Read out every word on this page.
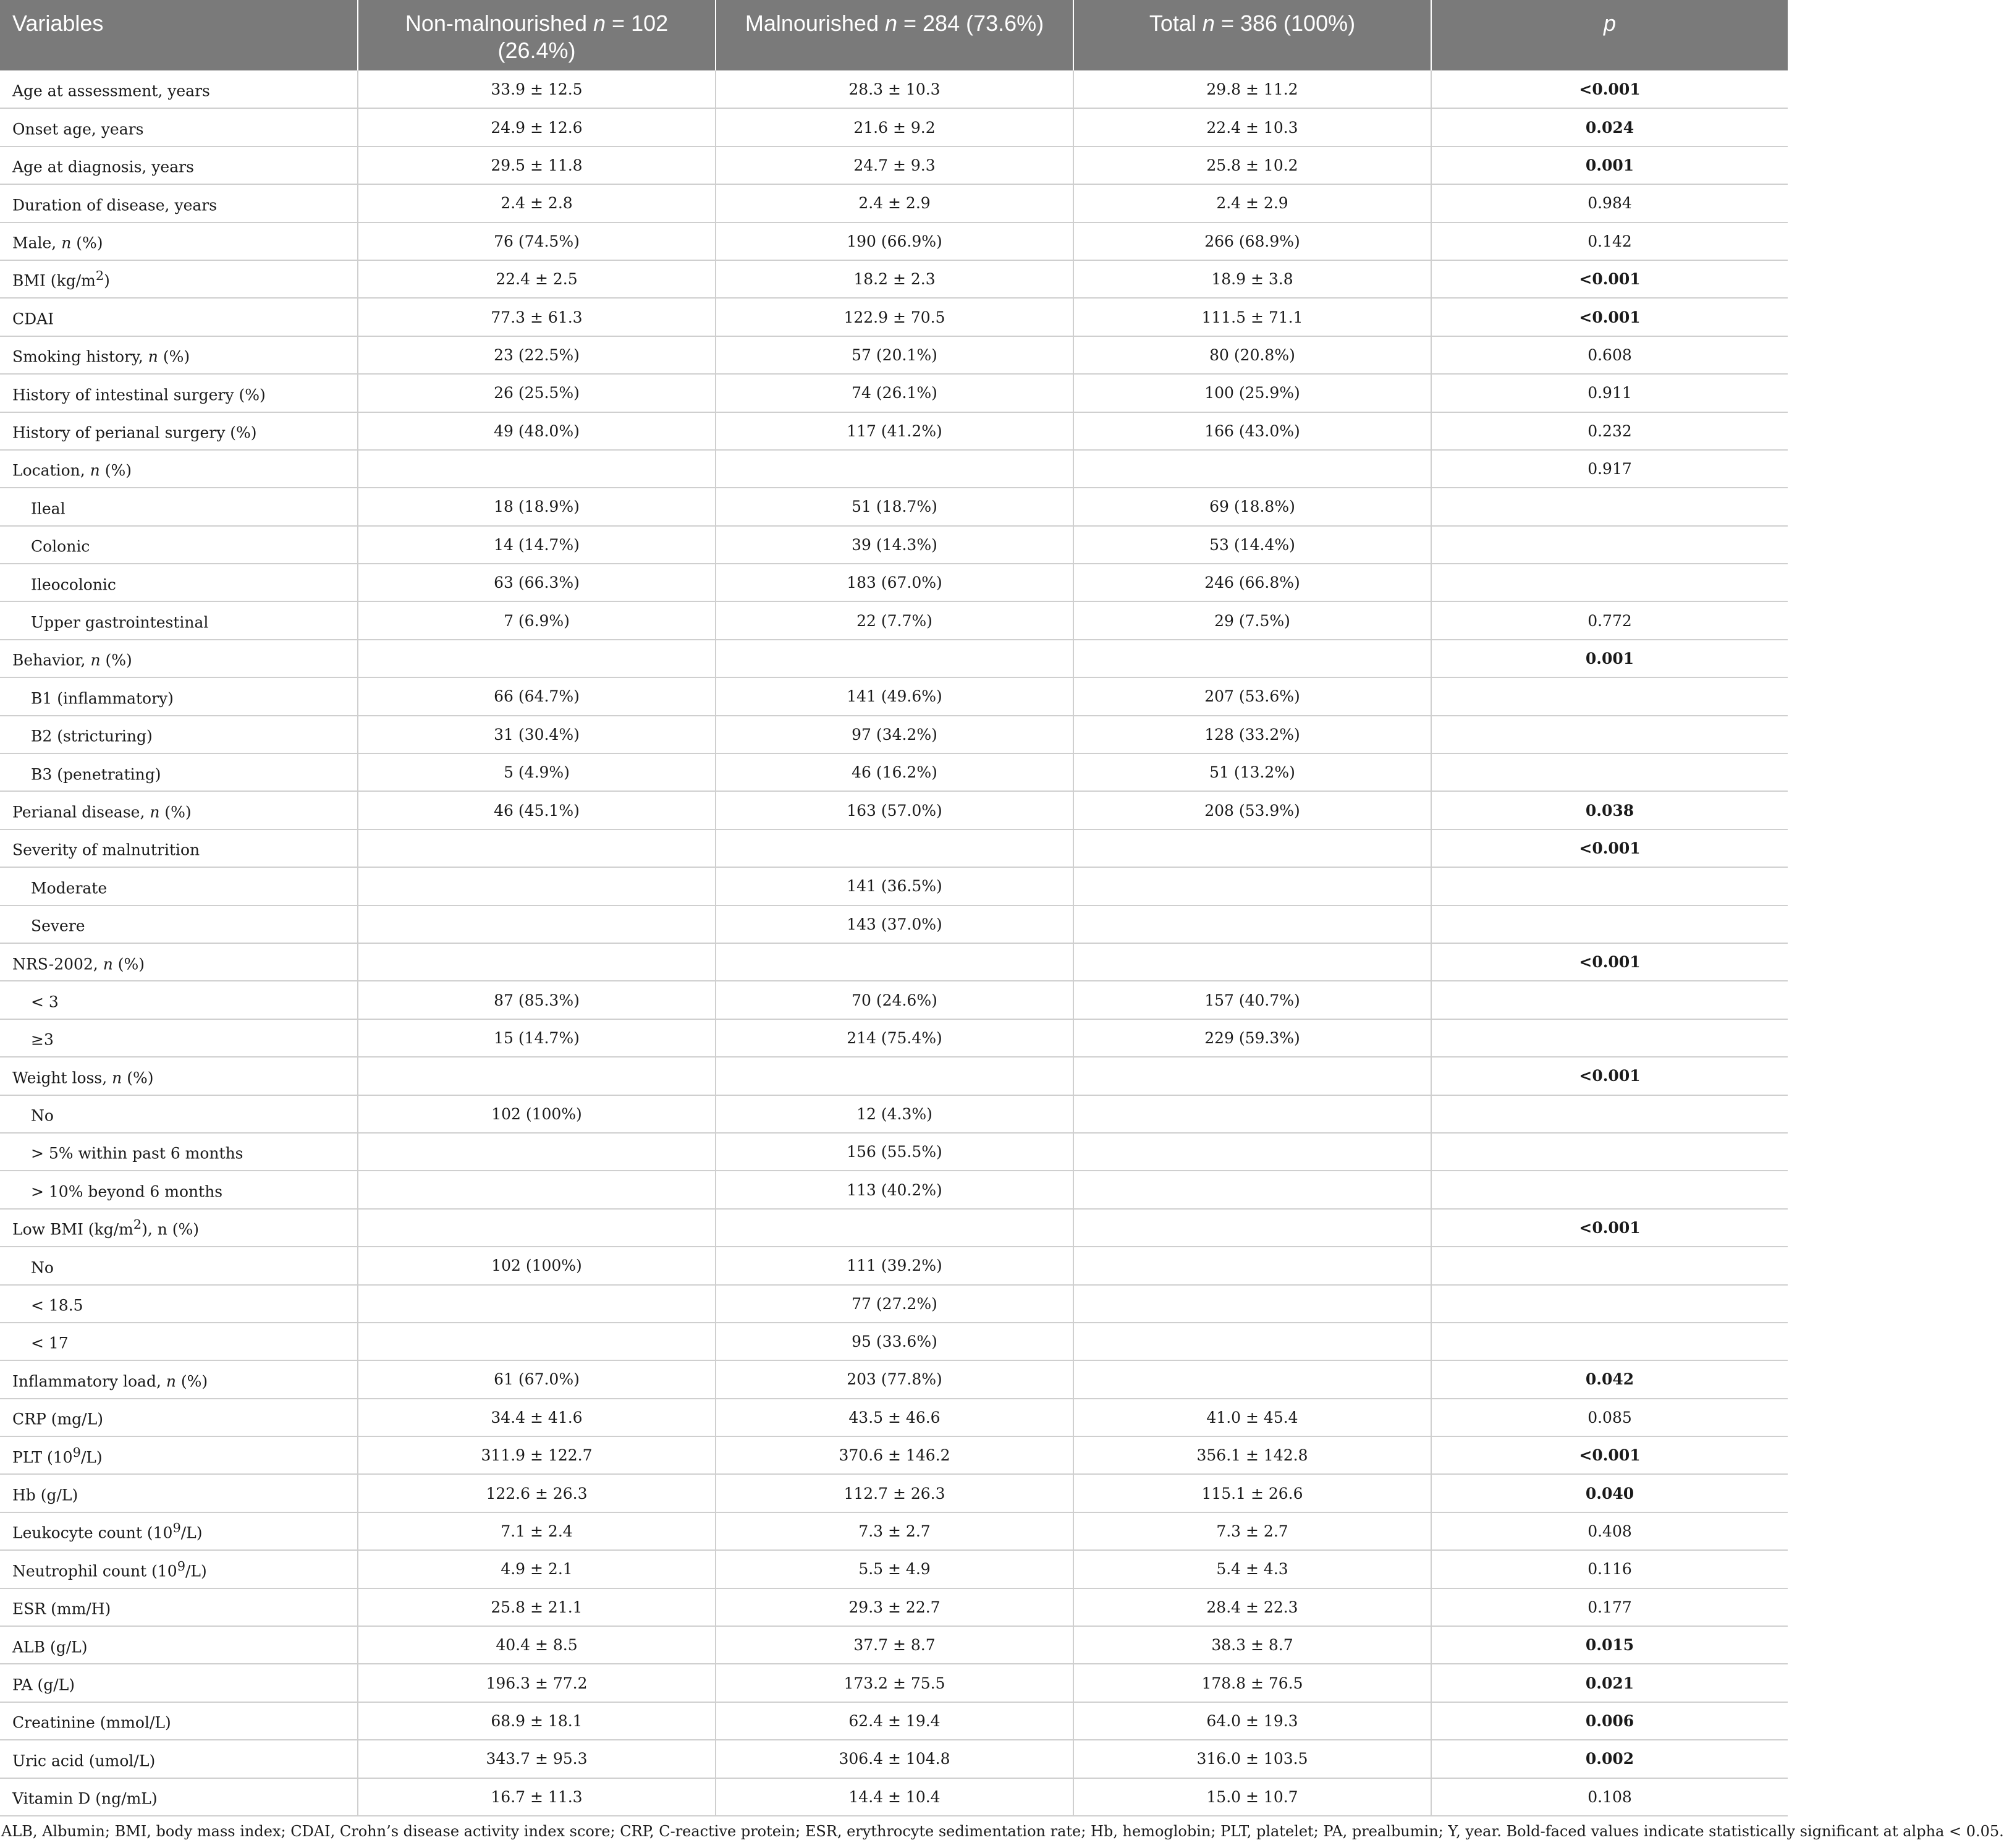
Variables	Non-malnourished n = 102 (26.4%)	Malnourished n = 284 (73.6%)	Total n = 386 (100%)	p
Age at assessment, years	33.9 ± 12.5	28.3 ± 10.3	29.8 ± 11.2	<0.001
Onset age, years	24.9 ± 12.6	21.6 ± 9.2	22.4 ± 10.3	0.024
Age at diagnosis, years	29.5 ± 11.8	24.7 ± 9.3	25.8 ± 10.2	0.001
Duration of disease, years	2.4 ± 2.8	2.4 ± 2.9	2.4 ± 2.9	0.984
Male, n (%)	76 (74.5%)	190 (66.9%)	266 (68.9%)	0.142
BMI $(kg/m^2)$	22.4 ± 2.5	18.2 ± 2.3	18.9 ± 3.8	<0.001
CDAI	77.3 ± 61.3	122.9 ± 70.5	111.5 ± 71.1	<0.001
Smoking history, n (%)	23 (22.5%)	57 (20.1%)	80 (20.8%)	0.608
History of intestinal surgery (%)	26 (25.5%)	74 (26.1%)	100 (25.9%)	0.911
History of perianal surgery (%)	49 (48.0%)	117 (41.2%)	166 (43.0%)	0.232
Location, n (%)				0.917
Ileal	18 (18.9%)	51 (18.7%)	69 (18.8%)	
Colonic	14 (14.7%)	39 (14.3%)	53 (14.4%)	
Ileocolonic	63 (66.3%)	183 (67.0%)	246 (66.8%)	
Upper gastrointestinal	7 (6.9%)	22 (7.7%)	29 (7.5%)	0.772
Behavior, n (%)				0.001
B1 (inflammatory)	66 (64.7%)	141 (49.6%)	207 (53.6%)	
B2 (stricturing)	31 (30.4%)	97 (34.2%)	128 (33.2%)	
B3 (penetrating)	5 (4.9%)	46 (16.2%)	51 (13.2%)	
Perianal disease, n (%)	46 (45.1%)	163 (57.0%)	208 (53.9%)	0.038
Severity of malnutrition				<0.001
Moderate		141 (36.5%)		
Severe		143 (37.0%)		
NRS-2002, n (%)				<0.001
< 3	87 (85.3%)	70 (24.6%)	157 (40.7%)	
≥3	15 (14.7%)	214 (75.4%)	229 (59.3%)	
Weight loss, n (%)				<0.001
No	102 (100%)	12 (4.3%)		
> 5% within past 6 months		156 (55.5%)		
> 10% beyond 6 months		113 (40.2%)		
Low BMI $(kg/m^2)$, n (%)				<0.001
No	102 (100%)	111 (39.2%)		
< 18.5		77 (27.2%)		
< 17		95 (33.6%)		
Inflammatory load, n (%)	61 (67.0%)	203 (77.8%)		0.042
CRP (mg/L)	34.4 ± 41.6	43.5 ± 46.6	41.0 ± 45.4	0.085
PLT $(10^9/L)$	311.9 ± 122.7	370.6 ± 146.2	356.1 ± 142.8	<0.001
Hb (g/L)	122.6 ± 26.3	112.7 ± 26.3	115.1 ± 26.6	0.040
Leukocyte count $(10^9/L)$	7.1 ± 2.4	7.3 ± 2.7	7.3 ± 2.7	0.408
Neutrophil count $(10^9/L)$	4.9 ± 2.1	5.5 ± 4.9	5.4 ± 4.3	0.116
ESR (mm/H)	25.8 ± 21.1	29.3 ± 22.7	28.4 ± 22.3	0.177
ALB (g/L)	40.4 ± 8.5	37.7 ± 8.7	38.3 ± 8.7	0.015
PA (g/L)	196.3 ± 77.2	173.2 ± 75.5	178.8 ± 76.5	0.021
Creatinine (mmol/L)	68.9 ± 18.1	62.4 ± 19.4	64.0 ± 19.3	0.006
Uric acid (umol/L)	343.7 ± 95.3	306.4 ± 104.8	316.0 ± 103.5	0.002
Vitamin D (ng/mL)	16.7 ± 11.3	14.4 ± 10.4	15.0 ± 10.7	0.108
ALB, Albumin; BMI, body mass index; CDAI, Crohn’s disease activity index score; CRP, C-reactive protein; ESR, erythrocyte sedimentation rate; Hb, hemoglobin; PLT, platelet; PA, prealbumin; Y, year. Bold-faced values indicate statistically significant at alpha < 0.05.
